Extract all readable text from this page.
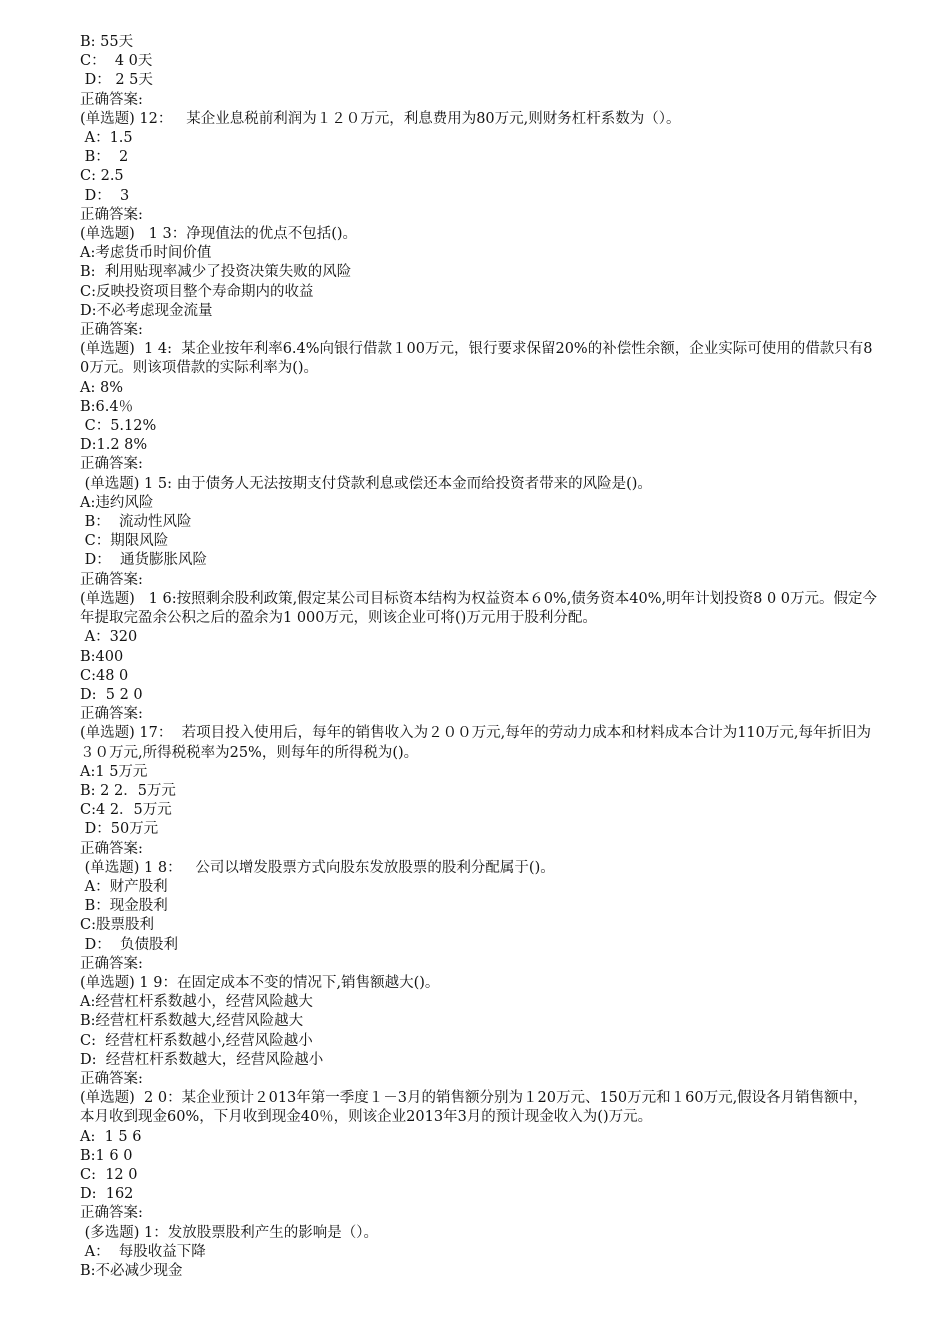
B: 55天
C：  4 0天
D： 2 5天
正确答案:
(单选题) 12：   某企业息税前利润为１２０万元，利息费用为80万元,则财务杠杆系数为（）。
A：1.5
B：  2
C: 2.5
D：  3
正确答案:
(单选题)   1 3：净现值法的优点不包括()。
A:考虑货币时间价值
B:  利用贴现率减少了投资决策失败的风险
C:反映投资项目整个寿命期内的收益
D:不必考虑现金流量
正确答案:
(单选题)  1 4:  某企业按年利率6.4%向银行借款１00万元，银行要求保留20%的补偿性余额，企业实际可使用的借款只有8 0万元。则该项借款的实际利率为()。
A: 8%
B:6.4％
C：5.12%
D:1.2 8%
正确答案:
(单选题) 1 5: 由于债务人无法按期支付贷款利息或偿还本金而给投资者带来的风险是()。
A:违约风险
B：  流动性风险
C：期限风险
D：  通货膨胀风险
正确答案:
(单选题)   1 6:按照剩余股利政策,假定某公司目标资本结构为权益资本６0%,债务资本40%,明年计划投资8 0 0万元。假定今年提取完盈余公积之后的盈余为1 000万元，则该企业可将()万元用于股利分配。
A：320
B:400
C:48 0
D:  5 2 0
正确答案:
(单选题) 17：  若项目投入使用后，每年的销售收入为２００万元,每年的劳动力成本和材料成本合计为110万元,每年折旧为３０万元,所得税税率为25%，则每年的所得税为()。
A:1 5万元
B: 2 2．5万元
C:4 2．5万元
D：50万元
正确答案:
(单选题) 1 8：   公司以增发股票方式向股东发放股票的股利分配属于()。
A：财产股利
B：现金股利
C:股票股利
D：  负债股利
正确答案:
(单选题) 1 9：在固定成本不变的情况下,销售额越大()。
A:经营杠杆系数越小，经营风险越大
B:经营杠杆系数越大,经营风险越大
C:  经营杠杆系数越小,经营风险越小
D:  经营杠杆系数越大，经营风险越小
正确答案:
(单选题)  2 0：某企业预计２013年第一季度１－3月的销售额分别为１20万元、150万元和１60万元,假设各月销售额中，本月收到现金60%，下月收到现金40％，则该企业2013年3月的预计现金收入为()万元。
A:  1 5 6
B:1 6 0
C:  12 0
D:  162
正确答案:
(多选题) 1：发放股票股利产生的影响是（）。
A：  每股收益下降
B:不必减少现金
